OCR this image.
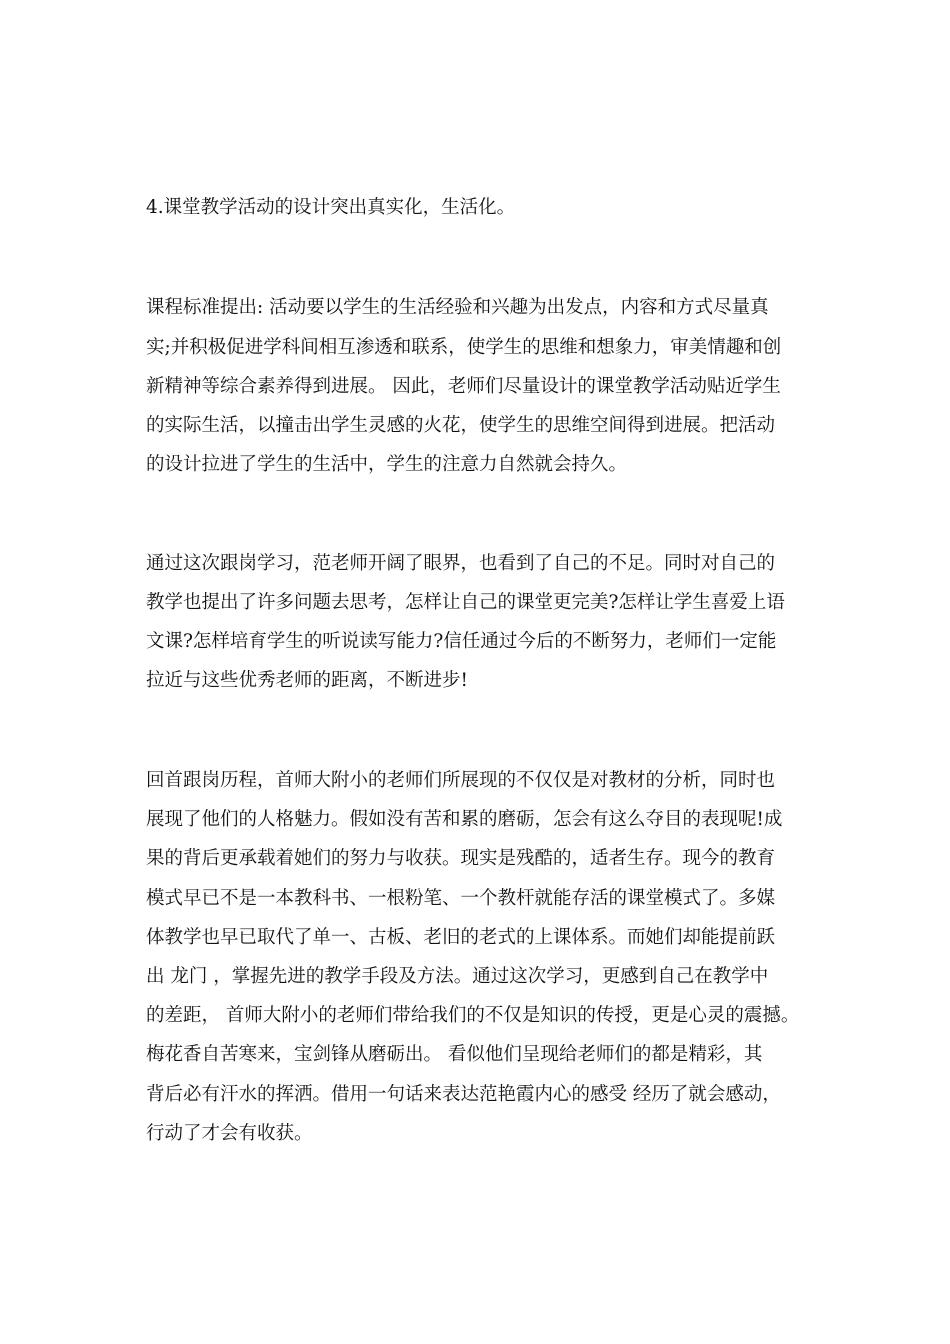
4.课堂教学活动的设计突出真实化，生活化。

课程标准提出: 活动要以学生的生活经验和兴趣为出发点，内容和方式尽量真

实;并积极促进学科间相互渗透和联系，使学生的思维和想象力，审美情趣和创

新精神等综合素养得到进展。 因此，老师们尽量设计的课堂教学活动贴近学生

的实际生活，以撞击出学生灵感的火花，使学生的思维空间得到进展。把活动

的设计拉进了学生的生活中，学生的注意力自然就会持久。

通过这次跟岗学习，范老师开阔了眼界，也看到了自己的不足。同时对自己的

教学也提出了许多问题去思考，怎样让自己的课堂更完美?怎样让学生喜爱上语

文课?怎样培育学生的听说读写能力?信任通过今后的不断努力，老师们一定能

拉近与这些优秀老师的距离，不断进步!

回首跟岗历程，首师大附小的老师们所展现的不仅仅是对教材的分析，同时也

展现了他们的人格魅力。假如没有苦和累的磨砺，怎会有这么夺目的表现呢!成

果的背后更承载着她们的努力与收获。现实是残酷的，适者生存。现今的教育

模式早已不是一本教科书、一根粉笔、一个教杆就能存活的课堂模式了。多媒

体教学也早已取代了单一、古板、老旧的老式的上课体系。而她们却能提前跃

出 龙门 ，掌握先进的教学手段及方法。通过这次学习，更感到自己在教学中

的差距， 首师大附小的老师们带给我们的不仅是知识的传授，更是心灵的震撼。

梅花香自苦寒来，宝剑锋从磨砺出。 看似他们呈现给老师们的都是精彩，其

背后必有汗水的挥洒。借用一句话来表达范艳霞内心的感受 经历了就会感动，

行动了才会有收获。
